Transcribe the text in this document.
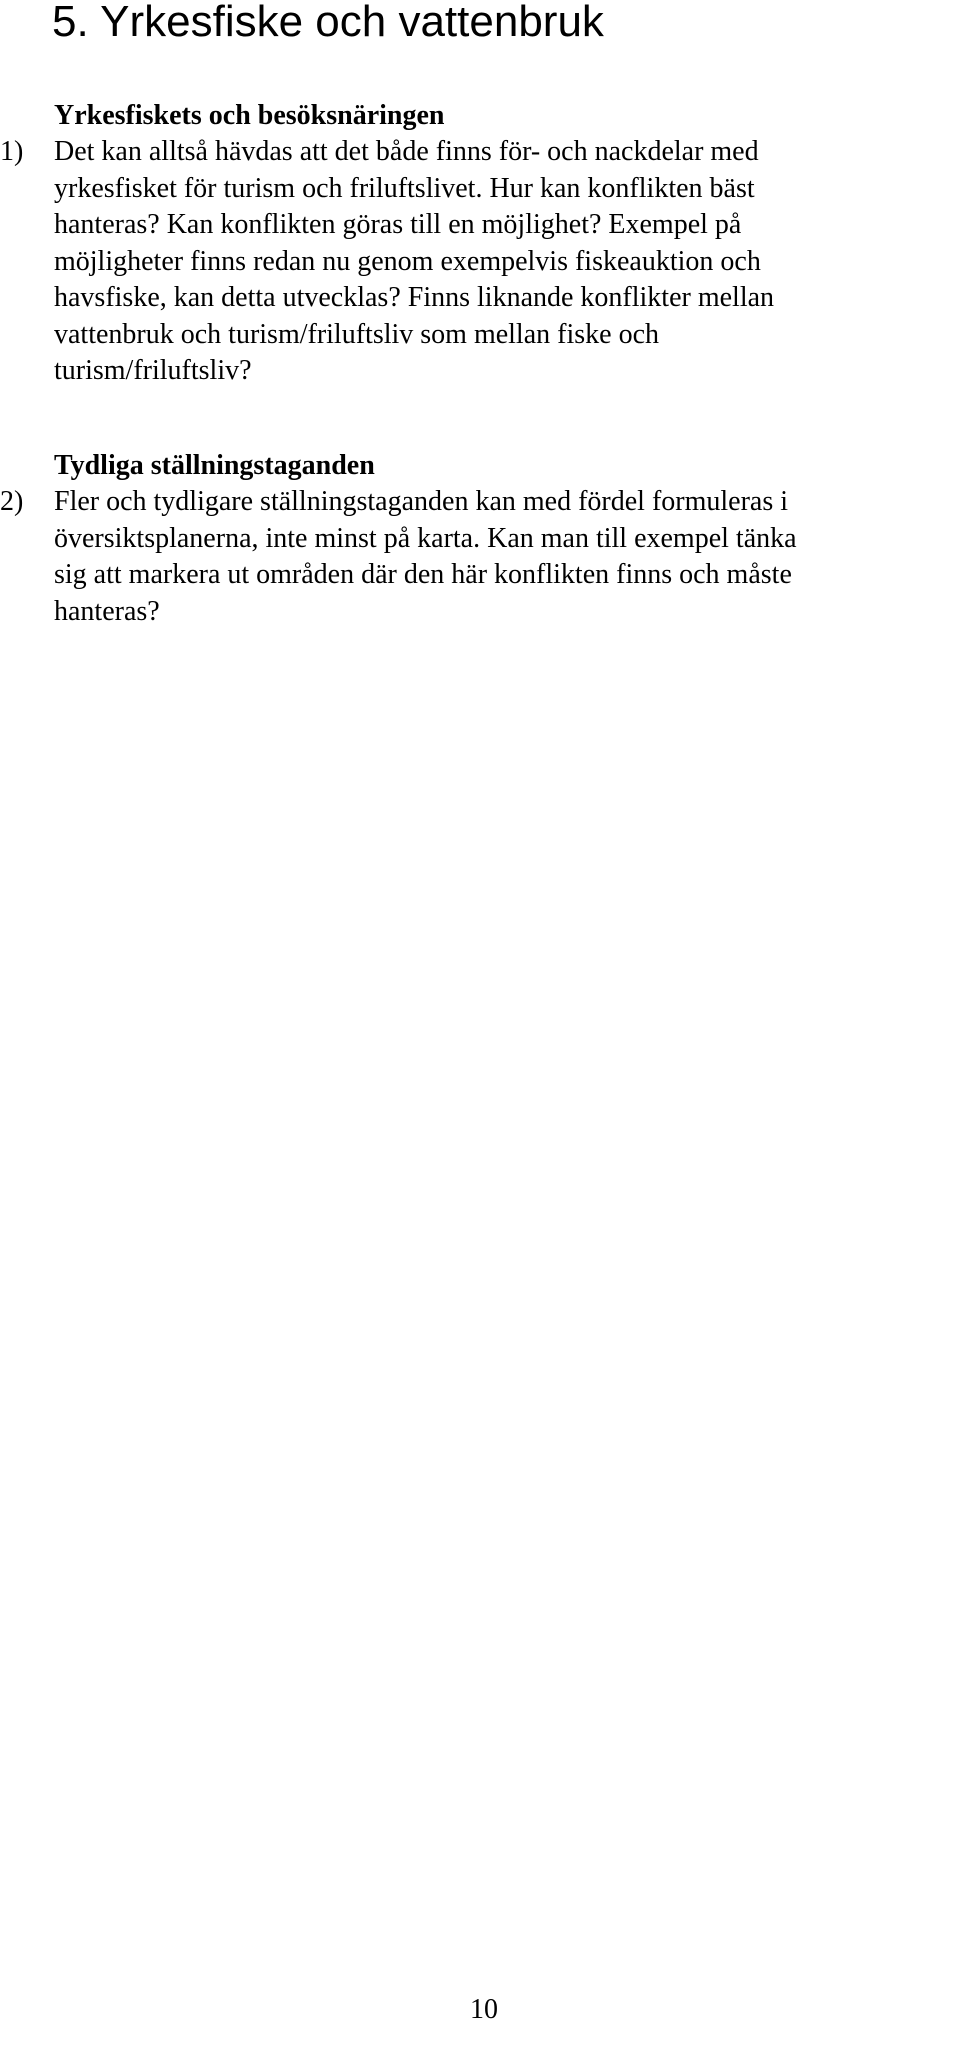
5. Yrkesfiske och vattenbruk
Yrkesfiskets och besöksnäringen
1) Det kan alltså hävdas att det både finns för- och nackdelar med
yrkesfisket för turism och friluftslivet. Hur kan konflikten bäst
hanteras? Kan konflikten göras till en möjlighet? Exempel på
möjligheter finns redan nu genom exempelvis fiskeauktion och
havsfiske, kan detta utvecklas? Finns liknande konflikter mellan
vattenbruk och turism/friluftsliv som mellan fiske och
turism/friluftsliv?

Tydliga ställningstaganden
2) Fler och tydligare ställningstaganden kan med fördel formuleras i
översiktsplanerna, inte minst på karta. Kan man till exempel tänka
sig att markera ut områden där den här konflikten finns och måste
hanteras?

10
